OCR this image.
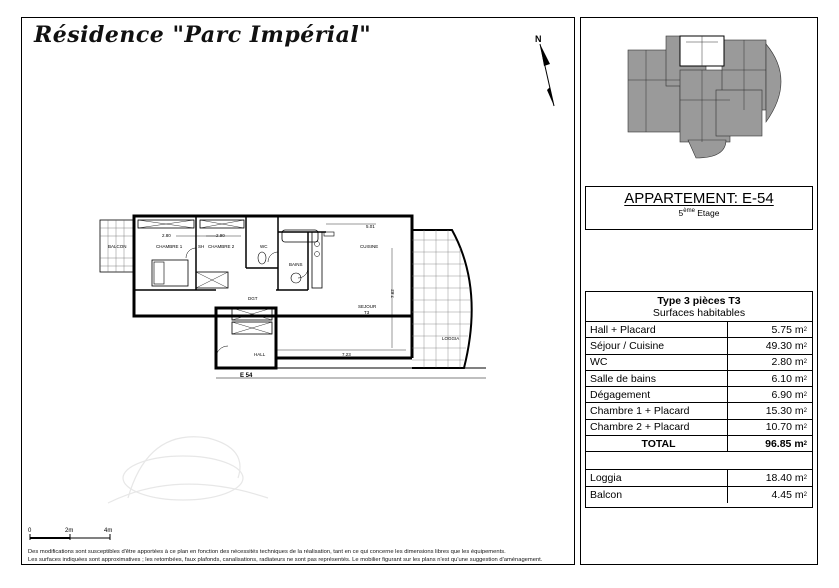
Résidence "Parc Impérial"	N
BALCON	CHAMBRE 1	CHAMBRE 2
SH	WC
BAINS
CUISINE
SEJOUR
T3
LOGGIA
HALL
DGT
2.80	2.90
5.01
7.23
7.62
E 54
0	2m	4m
Des modifications sont susceptibles d'être apportées à ce plan en fonction des nécessités techniques de la réalisation, tant en ce qui concerne les dimensions libres que les équipements.
Les surfaces indiquées sont approximatives ; les retombées, faux plafonds, canalisations, radiateurs ne sont pas représentés. Le mobilier figurant sur les plans n'est qu'une suggestion d'aménagement.
APPARTEMENT: E-54
5ème Etage
Type 3 pièces T3
Surfaces habitables
Hall + Placard	5.75 m 2
Séjour / Cuisine	49.30 m 2
WC	2.80 m 2
Salle de bains	6.10 m 2
Dégagement	6.90 m 2
Chambre 1 + Placard	15.30 m 2
Chambre 2 + Placard	10.70 m 2
TOTAL	96.85 m 2
Loggia	18.40 m 2
Balcon	4.45 m 2
